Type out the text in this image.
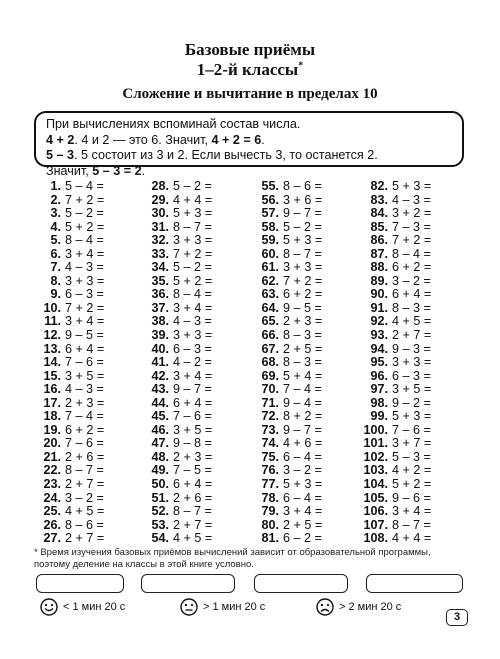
Базовые приёмы
1–2-й классы*
Сложение и вычитание в пределах 10
При вычислениях вспоминай состав числа.
4 + 2. 4 и 2 — это 6. Значит, 4 + 2 = 6.
5 – 3. 5 состоит из 3 и 2. Если вычесть 3, то останется 2.
Значит, 5 – 3 = 2.
1. 5 – 4 =
2. 7 + 2 =
3. 5 – 2 =
4. 5 + 2 =
5. 8 – 4 =
6. 3 + 4 =
7. 4 – 3 =
8. 3 + 3 =
9. 6 – 3 =
10. 7 + 2 =
11. 3 + 4 =
12. 9 – 5 =
13. 6 + 4 =
14. 7 – 6 =
15. 3 + 5 =
16. 4 – 3 =
17. 2 + 3 =
18. 7 – 4 =
19. 6 + 2 =
20. 7 – 6 =
21. 2 + 6 =
22. 8 – 7 =
23. 2 + 7 =
24. 3 – 2 =
25. 4 + 5 =
26. 8 – 6 =
27. 2 + 7 =
28. 5 – 2 =
29. 4 + 4 =
30. 5 + 3 =
31. 8 – 7 =
32. 3 + 3 =
33. 7 + 2 =
34. 5 – 2 =
35. 5 + 2 =
36. 8 – 4 =
37. 3 + 4 =
38. 4 – 3 =
39. 3 + 3 =
40. 6 – 3 =
41. 4 – 2 =
42. 3 + 4 =
43. 9 – 7 =
44. 6 + 4 =
45. 7 – 6 =
46. 3 + 5 =
47. 9 – 8 =
48. 2 + 3 =
49. 7 – 5 =
50. 6 + 4 =
51. 2 + 6 =
52. 8 – 7 =
53. 2 + 7 =
54. 4 + 5 =
55. 8 – 6 =
56. 3 + 6 =
57. 9 – 7 =
58. 5 – 2 =
59. 5 + 3 =
60. 8 – 7 =
61. 3 + 3 =
62. 7 + 2 =
63. 6 + 2 =
64. 9 – 5 =
65. 2 + 3 =
66. 8 – 3 =
67. 2 + 5 =
68. 8 – 3 =
69. 5 + 4 =
70. 7 – 4 =
71. 9 – 4 =
72. 8 + 2 =
73. 9 – 7 =
74. 4 + 6 =
75. 6 – 4 =
76. 3 – 2 =
77. 5 + 3 =
78. 6 – 4 =
79. 3 + 4 =
80. 2 + 5 =
81. 6 – 2 =
82. 5 + 3 =
83. 4 – 3 =
84. 3 + 2 =
85. 7 – 3 =
86. 7 + 2 =
87. 8 – 4 =
88. 6 + 2 =
89. 3 – 2 =
90. 6 + 4 =
91. 8 – 3 =
92. 4 + 5 =
93. 2 + 7 =
94. 9 – 3 =
95. 3 + 3 =
96. 6 – 3 =
97. 3 + 5 =
98. 9 – 2 =
99. 5 + 3 =
100. 7 – 6 =
101. 3 + 7 =
102. 5 – 3 =
103. 4 + 2 =
104. 5 + 2 =
105. 9 – 6 =
106. 3 + 4 =
107. 8 – 7 =
108. 4 + 4 =
* Время изучения базовых приёмов вычислений зависит от образовательной программы, поэтому деление на классы в этой книге условно.
< 1 мин 20 с	> 1 мин 20 с	> 2 мин 20 с
3
